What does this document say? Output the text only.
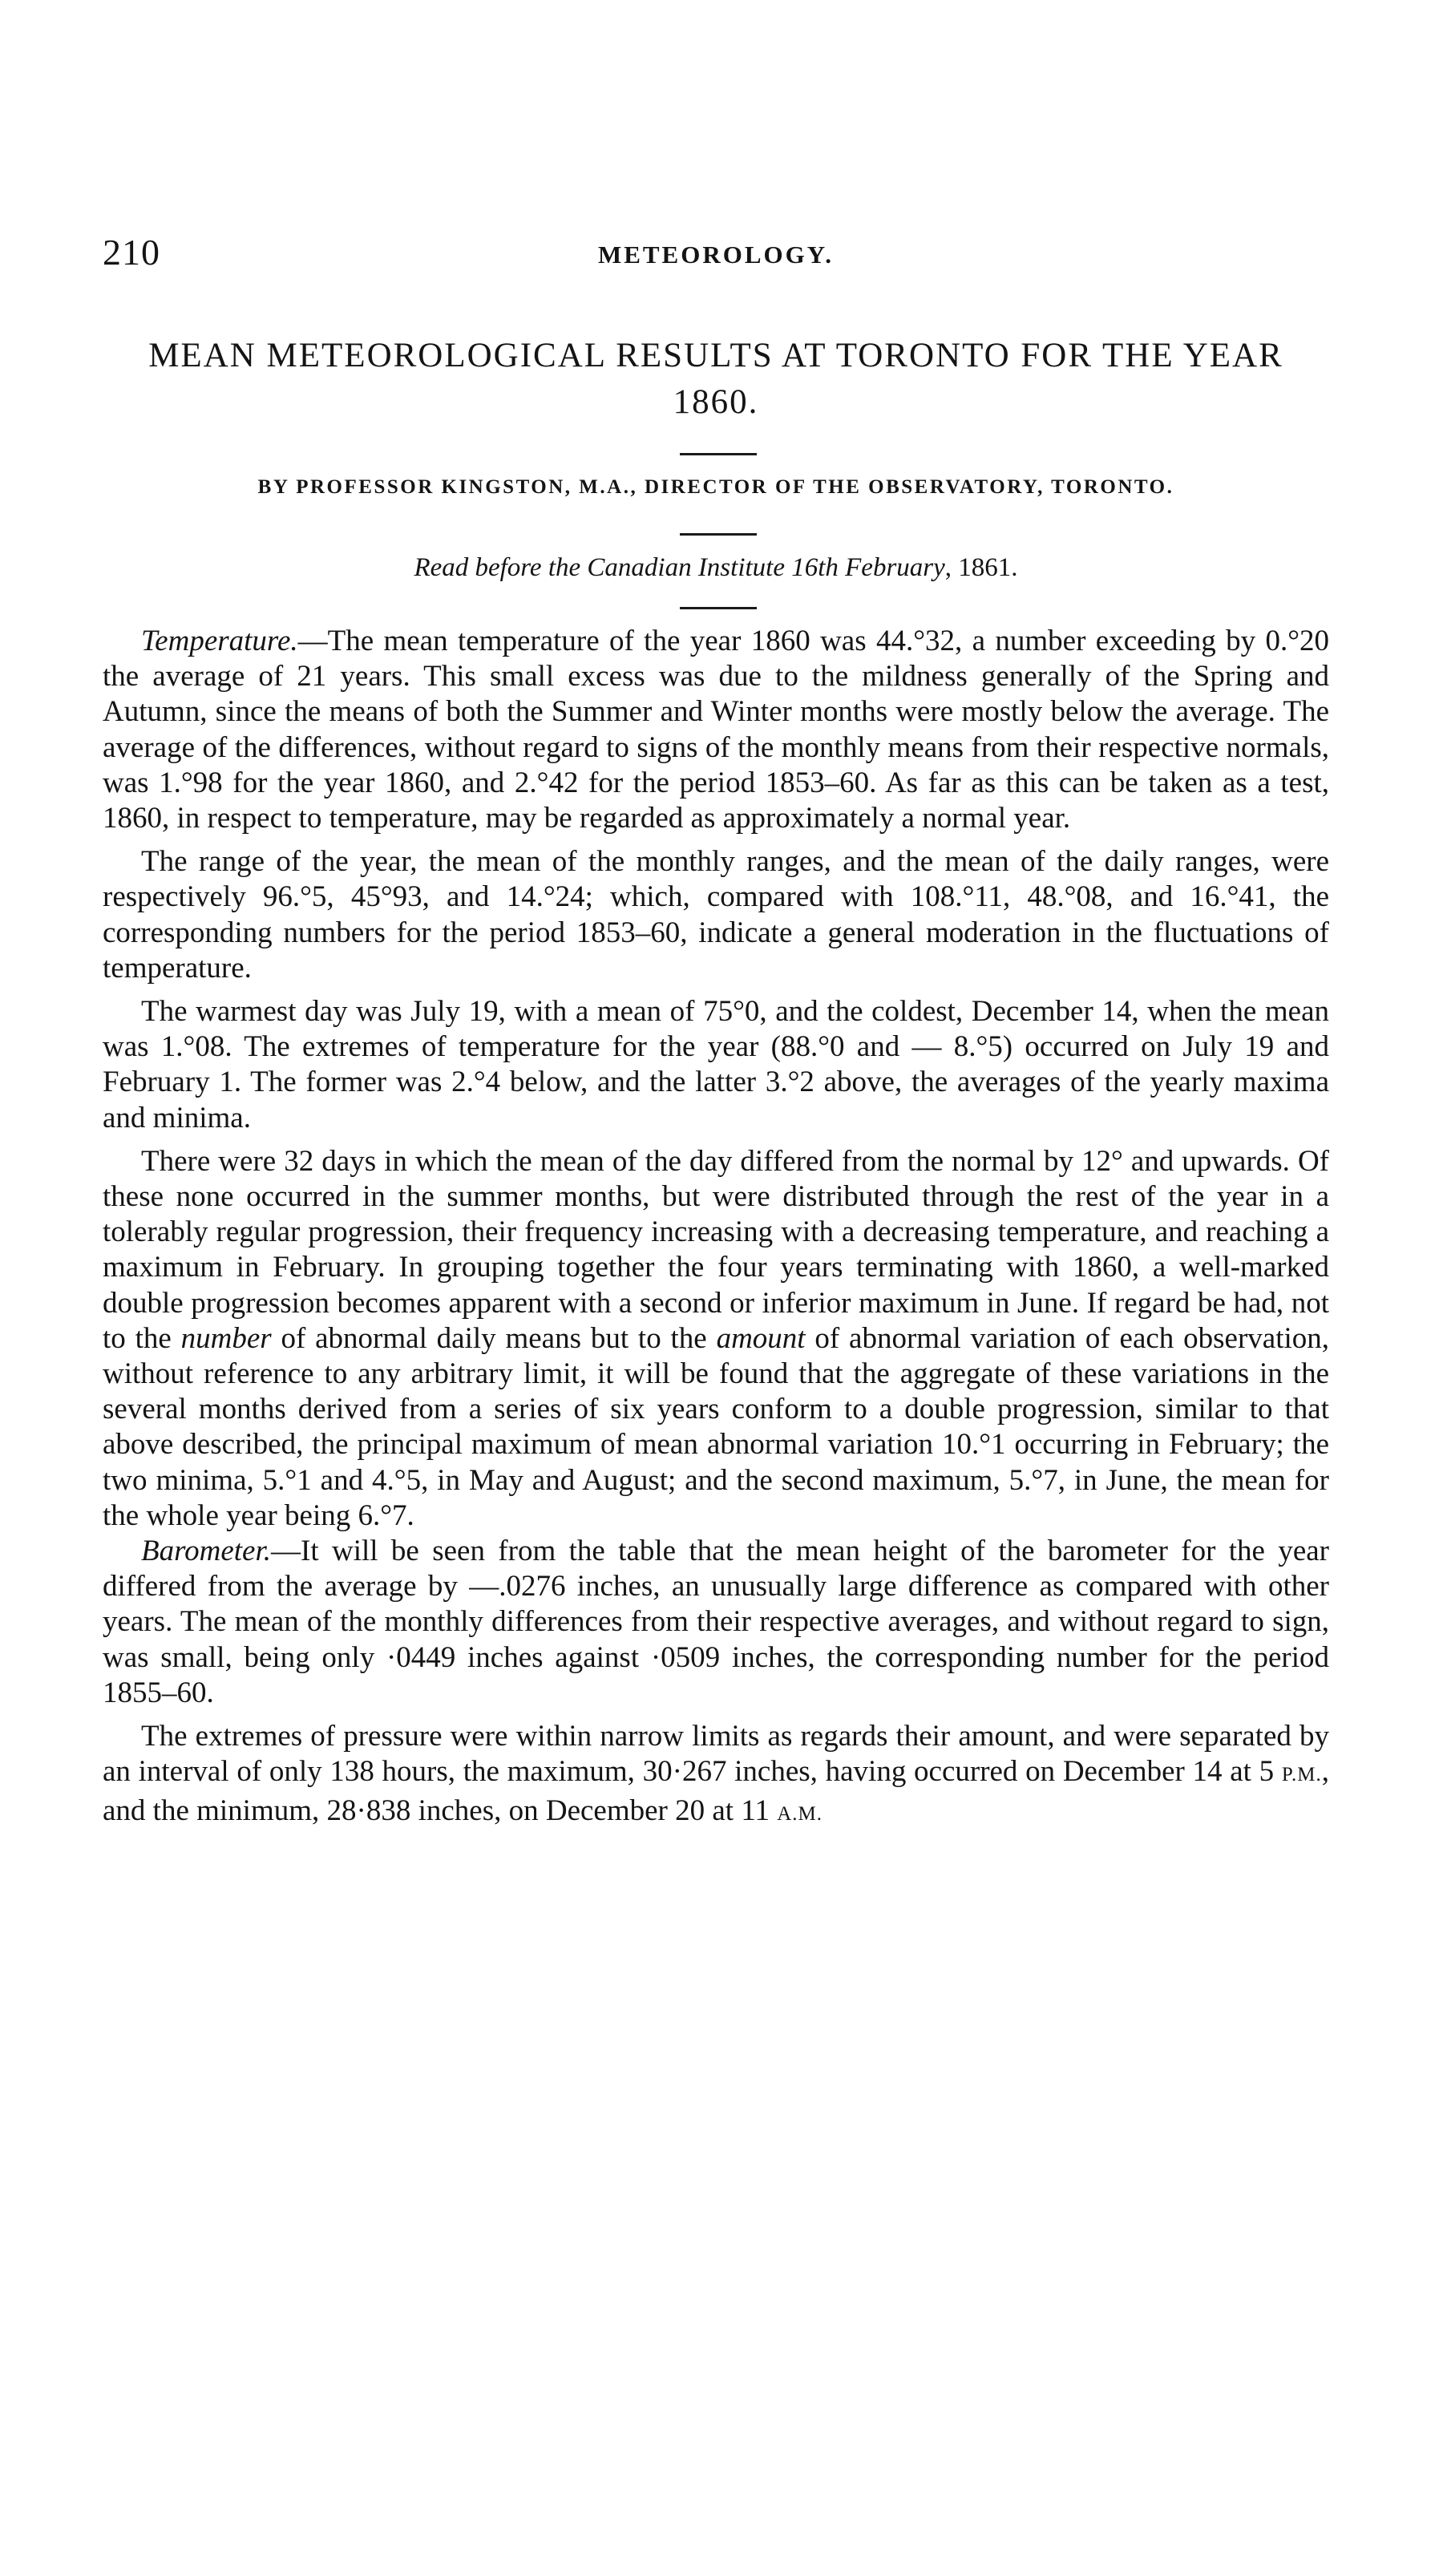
210	METEOROLOGY.
MEAN METEOROLOGICAL RESULTS AT TORONTO FOR THE YEAR 1860.
BY PROFESSOR KINGSTON, M.A., DIRECTOR OF THE OBSERVATORY, TORONTO.
Read before the Canadian Institute 16th February, 1861.

Temperature.—The mean temperature of the year 1860 was 44.°32, a number exceeding by 0.°20 the average of 21 years. This small excess was due to the mildness generally of the Spring and Autumn, since the means of both the Summer and Winter months were mostly below the average. The average of the differences, without regard to signs of the monthly means from their respective normals, was 1.°98 for the year 1860, and 2.°42 for the period 1853–60. As far as this can be taken as a test, 1860, in respect to temperature, may be regarded as approximately a normal year.

The range of the year, the mean of the monthly ranges, and the mean of the daily ranges, were respectively 96.°5, 45°93, and 14.°24; which, compared with 108.°11, 48.°08, and 16.°41, the corresponding numbers for the period 1853–60, indicate a general moderation in the fluctuations of temperature.

The warmest day was July 19, with a mean of 75°0, and the coldest, December 14, when the mean was 1.°08. The extremes of temperature for the year (88.°0 and — 8.°5) occurred on July 19 and February 1. The former was 2.°4 below, and the latter 3.°2 above, the averages of the yearly maxima and minima.

There were 32 days in which the mean of the day differed from the normal by 12° and upwards. Of these none occurred in the summer months, but were distributed through the rest of the year in a tolerably regular progression, their frequency increasing with a decreasing temperature, and reaching a maximum in February. In grouping together the four years terminating with 1860, a well-marked double progression becomes apparent with a second or inferior maximum in June. If regard be had, not to the number of abnormal daily means but to the amount of abnormal variation of each observation, without reference to any arbitrary limit, it will be found that the aggregate of these variations in the several months derived from a series of six years conform to a double progression, similar to that above described, the principal maximum of mean abnormal variation 10.°1 occurring in February; the two minima, 5.°1 and 4.°5, in May and August; and the second maximum, 5.°7, in June, the mean for the whole year being 6.°7.

Barometer.—It will be seen from the table that the mean height of the barometer for the year differed from the average by —.0276 inches, an unusually large difference as compared with other years. The mean of the monthly differences from their respective averages, and without regard to sign, was small, being only ·0449 inches against ·0509 inches, the corresponding number for the period 1855–60.

The extremes of pressure were within narrow limits as regards their amount, and were separated by an interval of only 138 hours, the maximum, 30·267 inches, having occurred on December 14 at 5 P.M., and the minimum, 28·838 inches, on December 20 at 11 A.M.
